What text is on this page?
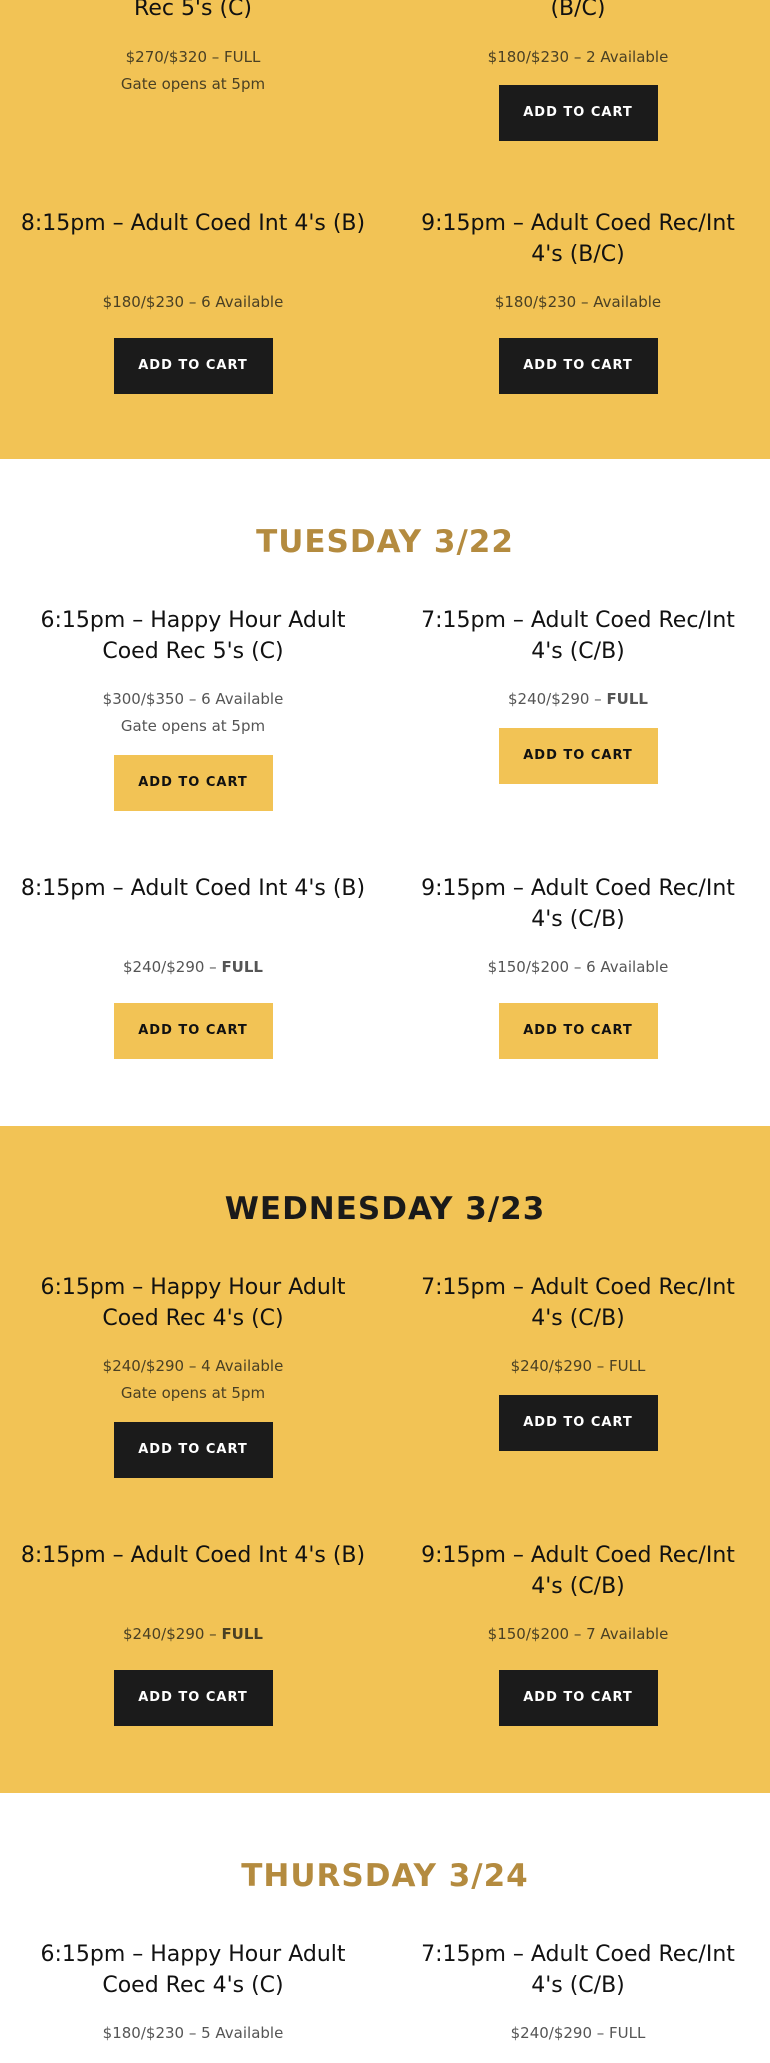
Rec 5's (C)

$270/$320 – FULL

Gate opens at 5pm

(B/C)

$180/$230 – 2 Available

ADD TO CART
8:15pm – Adult Coed Int 4's (B)

$180/$230 – 6 Available

ADD TO CART
9:15pm – Adult Coed Rec/Int 4's (B/C)

$180/$230 – Available

ADD TO CART
TUESDAY 3/22
6:15pm – Happy Hour Adult Coed Rec 5's (C)

$300/$350 – 6 Available

Gate opens at 5pm

ADD TO CART
7:15pm – Adult Coed Rec/Int 4's (C/B)

$240/$290 – FULL

ADD TO CART
8:15pm – Adult Coed Int 4's (B)

$240/$290 – FULL

ADD TO CART
9:15pm – Adult Coed Rec/Int 4's (C/B)

$150/$200 – 6 Available

ADD TO CART
WEDNESDAY 3/23
6:15pm – Happy Hour Adult Coed Rec 4's (C)

$240/$290 – 4 Available

Gate opens at 5pm

ADD TO CART
7:15pm – Adult Coed Rec/Int 4's (C/B)

$240/$290 – FULL

ADD TO CART
8:15pm – Adult Coed Int 4's (B)

$240/$290 – FULL

ADD TO CART
9:15pm – Adult Coed Rec/Int 4's (C/B)

$150/$200 – 7 Available

ADD TO CART
THURSDAY 3/24
6:15pm – Happy Hour Adult Coed Rec 4's (C)

$180/$230 – 5 Available

7:15pm – Adult Coed Rec/Int 4's (C/B)

$240/$290 – FULL
